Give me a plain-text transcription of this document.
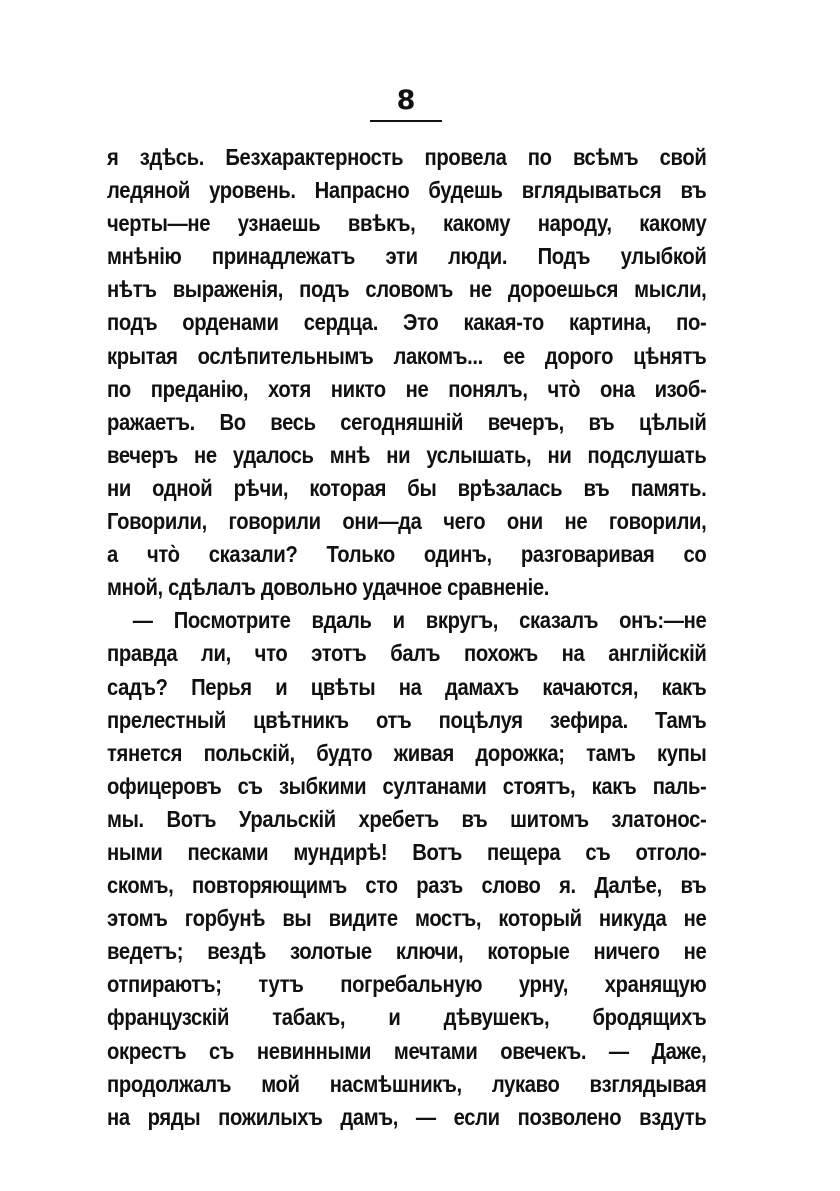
8
я здѣсь. Безхарактерность провела по всѣмъ свой
ледяной уровень. Напрасно будешь вглядываться въ
черты—не узнаешь ввѣкъ, какому народу, какому
мнѣнію принадлежатъ эти люди. Подъ улыбкой
нѣтъ выраженія, подъ словомъ не дороешься мысли,
подъ орденами сердца. Это какая-то картина, по-
крытая ослѣпительнымъ лакомъ... ее дорого цѣнятъ
по преданію, хотя никто не понялъ, что̀ она изоб-
ражаетъ. Во весь сегодняшній вечеръ, въ цѣлый
вечеръ не удалось мнѣ ни услышать, ни подслушать
ни одной рѣчи, которая бы врѣзалась въ память.
Говорили, говорили они—да чего они не говорили,
а что̀ сказали? Только одинъ, разговаривая со
мной, сдѣлалъ довольно удачное сравненіе.
— Посмотрите вдаль и вкругъ, сказалъ онъ:—не
правда ли, что этотъ балъ похожъ на англійскій
садъ? Перья и цвѣты на дамахъ качаются, какъ
прелестный цвѣтникъ отъ поцѣлуя зефира. Тамъ
тянется польскій, будто живая дорожка; тамъ купы
офицеровъ съ зыбкими султанами стоятъ, какъ паль-
мы. Вотъ Уральскій хребетъ въ шитомъ златонос-
ными песками мундирѣ! Вотъ пещера съ отголо-
скомъ, повторяющимъ сто разъ слово я. Далѣе, въ
этомъ горбунѣ вы видите мостъ, который никуда не
ведетъ; вездѣ золотые ключи, которые ничего не
отпираютъ; тутъ погребальную урну, хранящую
французскій табакъ, и дѣвушекъ, бродящихъ
окрестъ съ невинными мечтами овечекъ. — Даже,
продолжалъ мой насмѣшникъ, лукаво взглядывая
на ряды пожилыхъ дамъ, — если позволено вздуть
